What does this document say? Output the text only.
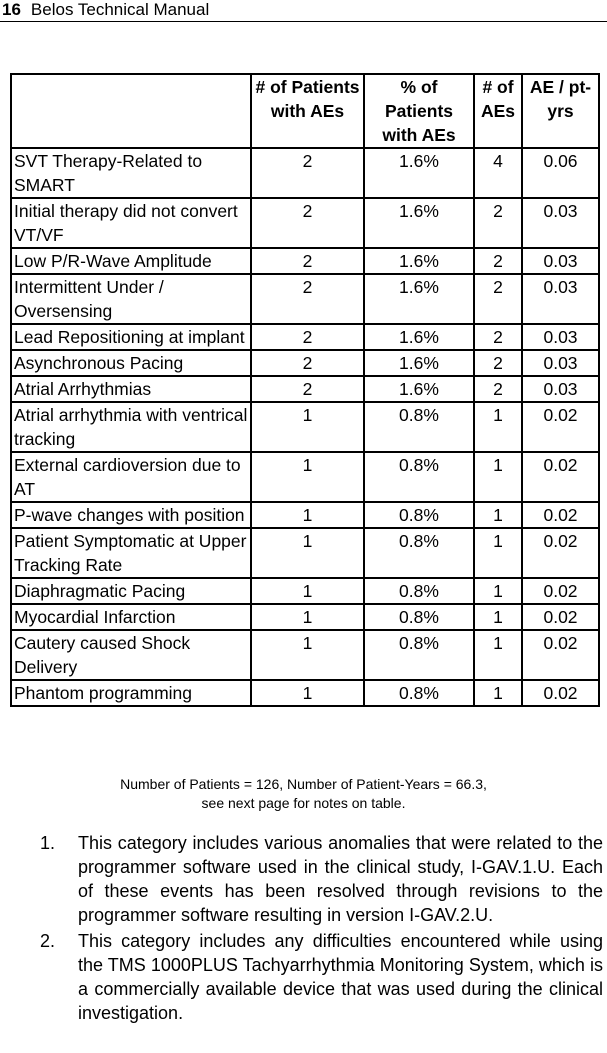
16 Belos Technical Manual
	# of Patients with AEs	% of Patients with AEs	# of AEs	AE / pt-yrs
SVT Therapy-Related to SMART	2	1.6%	4	0.06
Initial therapy did not convert VT/VF	2	1.6%	2	0.03
Low P/R-Wave Amplitude	2	1.6%	2	0.03
Intermittent Under / Oversensing	2	1.6%	2	0.03
Lead Repositioning at implant	2	1.6%	2	0.03
Asynchronous Pacing	2	1.6%	2	0.03
Atrial Arrhythmias	2	1.6%	2	0.03
Atrial arrhythmia with ventrical tracking	1	0.8%	1	0.02
External cardioversion due to AT	1	0.8%	1	0.02
P-wave changes with position	1	0.8%	1	0.02
Patient Symptomatic at Upper Tracking Rate	1	0.8%	1	0.02
Diaphragmatic Pacing	1	0.8%	1	0.02
Myocardial Infarction	1	0.8%	1	0.02
Cautery caused Shock Delivery	1	0.8%	1	0.02
Phantom programming	1	0.8%	1	0.02
Number of Patients = 126, Number of Patient-Years = 66.3,
see next page for notes on table.
1. This category includes various anomalies that were related to the programmer software used in the clinical study, I-GAV.1.U. Each of these events has been resolved through revisions to the programmer software resulting in version I-GAV.2.U.
2. This category includes any difficulties encountered while using the TMS 1000PLUS Tachyarrhythmia Monitoring System, which is a commercially available device that was used during the clinical investigation.
